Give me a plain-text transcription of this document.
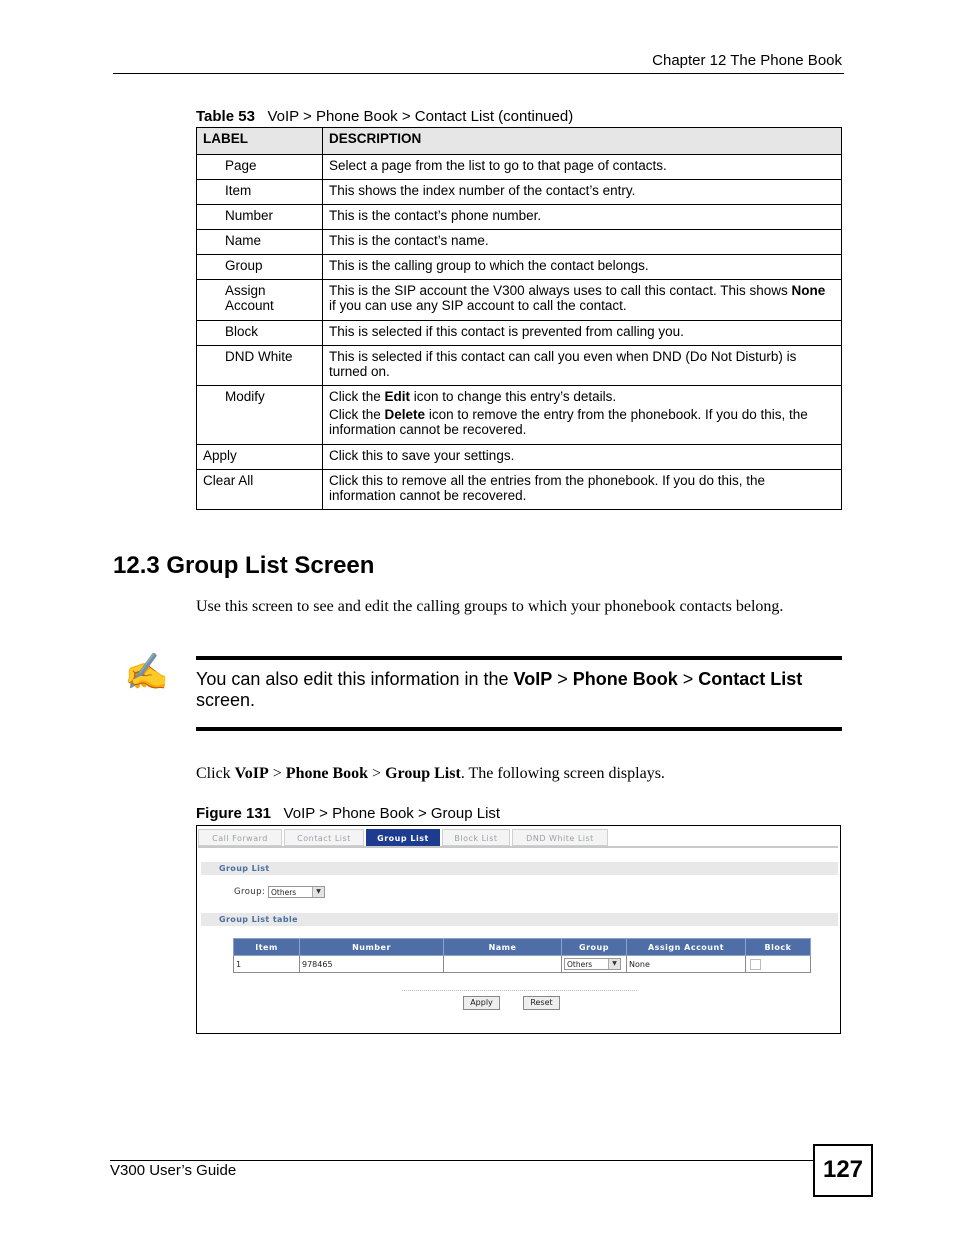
Chapter 12 The Phone Book
Table 53 VoIP > Phone Book > Contact List (continued)
LABEL	DESCRIPTION
Page	Select a page from the list to go to that page of contacts.
Item	This shows the index number of the contact’s entry.
Number	This is the contact’s phone number.
Name	This is the contact’s name.
Group	This is the calling group to which the contact belongs.
Assign
Account	This is the SIP account the V300 always uses to call this contact. This shows None if you can use any SIP account to call the contact.
Block	This is selected if this contact is prevented from calling you.
DND White	This is selected if this contact can call you even when DND (Do Not Disturb) is turned on.
Modify	Click the Edit icon to change this entry’s details.
Click the Delete icon to remove the entry from the phonebook. If you do this, the information cannot be recovered.

Apply	Click this to save your settings.
Clear All	Click this to remove all the entries from the phonebook. If you do this, the information cannot be recovered.
12.3 Group List Screen
Use this screen to see and edit the calling groups to which your phonebook contacts belong.
✍ You can also edit this information in the VoIP > Phone Book > Contact List screen.
Click VoIP > Phone Book > Group List. The following screen displays.
Figure 131 VoIP > Phone Book > Group List
Call Forward	Contact List	Group List	Block List	DND White List
Group List
Group: Others	▼
Group List table
Item	Number	Name	Group	Assign Account	Block
1	978465		Others ▼	None	
Apply	Reset
V300 User’s Guide	127
